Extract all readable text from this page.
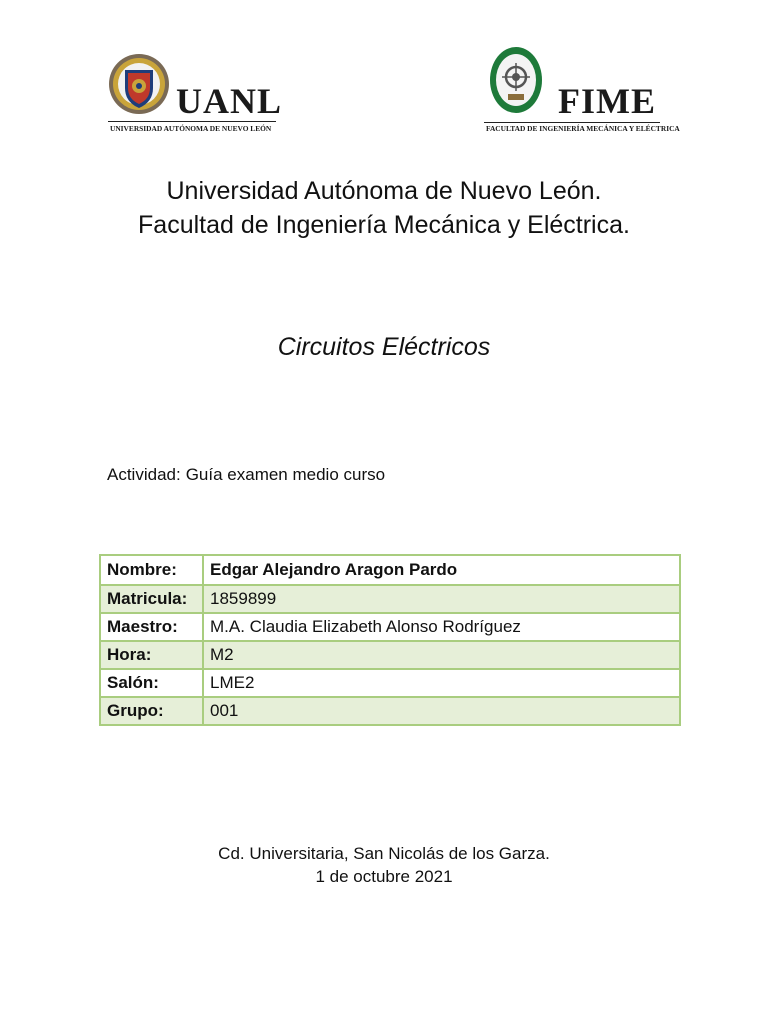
UANL
UNIVERSIDAD AUTÓNOMA DE NUEVO LEÓN
FIME
FACULTAD DE INGENIERÍA MECÁNICA Y ELÉCTRICA
Universidad Autónoma de Nuevo León.
Facultad de Ingeniería Mecánica y Eléctrica.
Circuitos Eléctricos
Actividad: Guía examen medio curso
Nombre:	Edgar Alejandro Aragon Pardo
Matricula:	1859899
Maestro:	M.A. Claudia Elizabeth Alonso Rodríguez
Hora:	M2
Salón:	LME2
Grupo:	001
Cd. Universitaria, San Nicolás de los Garza.
1 de octubre 2021
